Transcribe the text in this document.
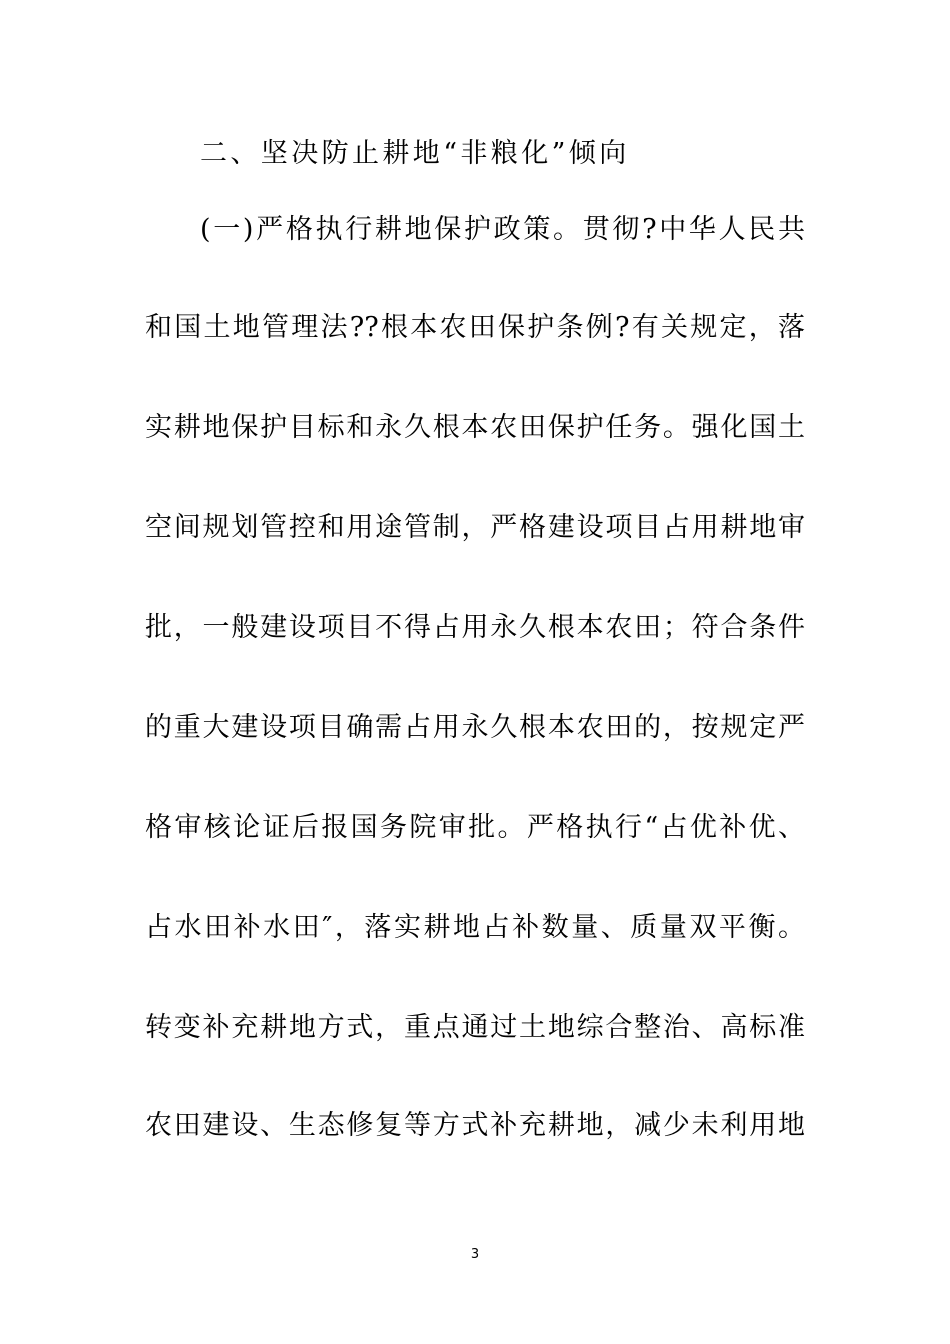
二、坚决防止耕地“非粮化”倾向
(一)严格执行耕地保护政策。贯彻?中华人民共
和国土地管理法??根本农田保护条例?有关规定，落
实耕地保护目标和永久根本农田保护任务。强化国土
空间规划管控和用途管制，严格建设项目占用耕地审
批，一般建设项目不得占用永久根本农田；符合条件
的重大建设项目确需占用永久根本农田的，按规定严
格审核论证后报国务院审批。严格执行“占优补优、
占水田补水田″，落实耕地占补数量、质量双平衡。
转变补充耕地方式，重点通过土地综合整治、高标准
农田建设、生态修复等方式补充耕地，减少未利用地
3
